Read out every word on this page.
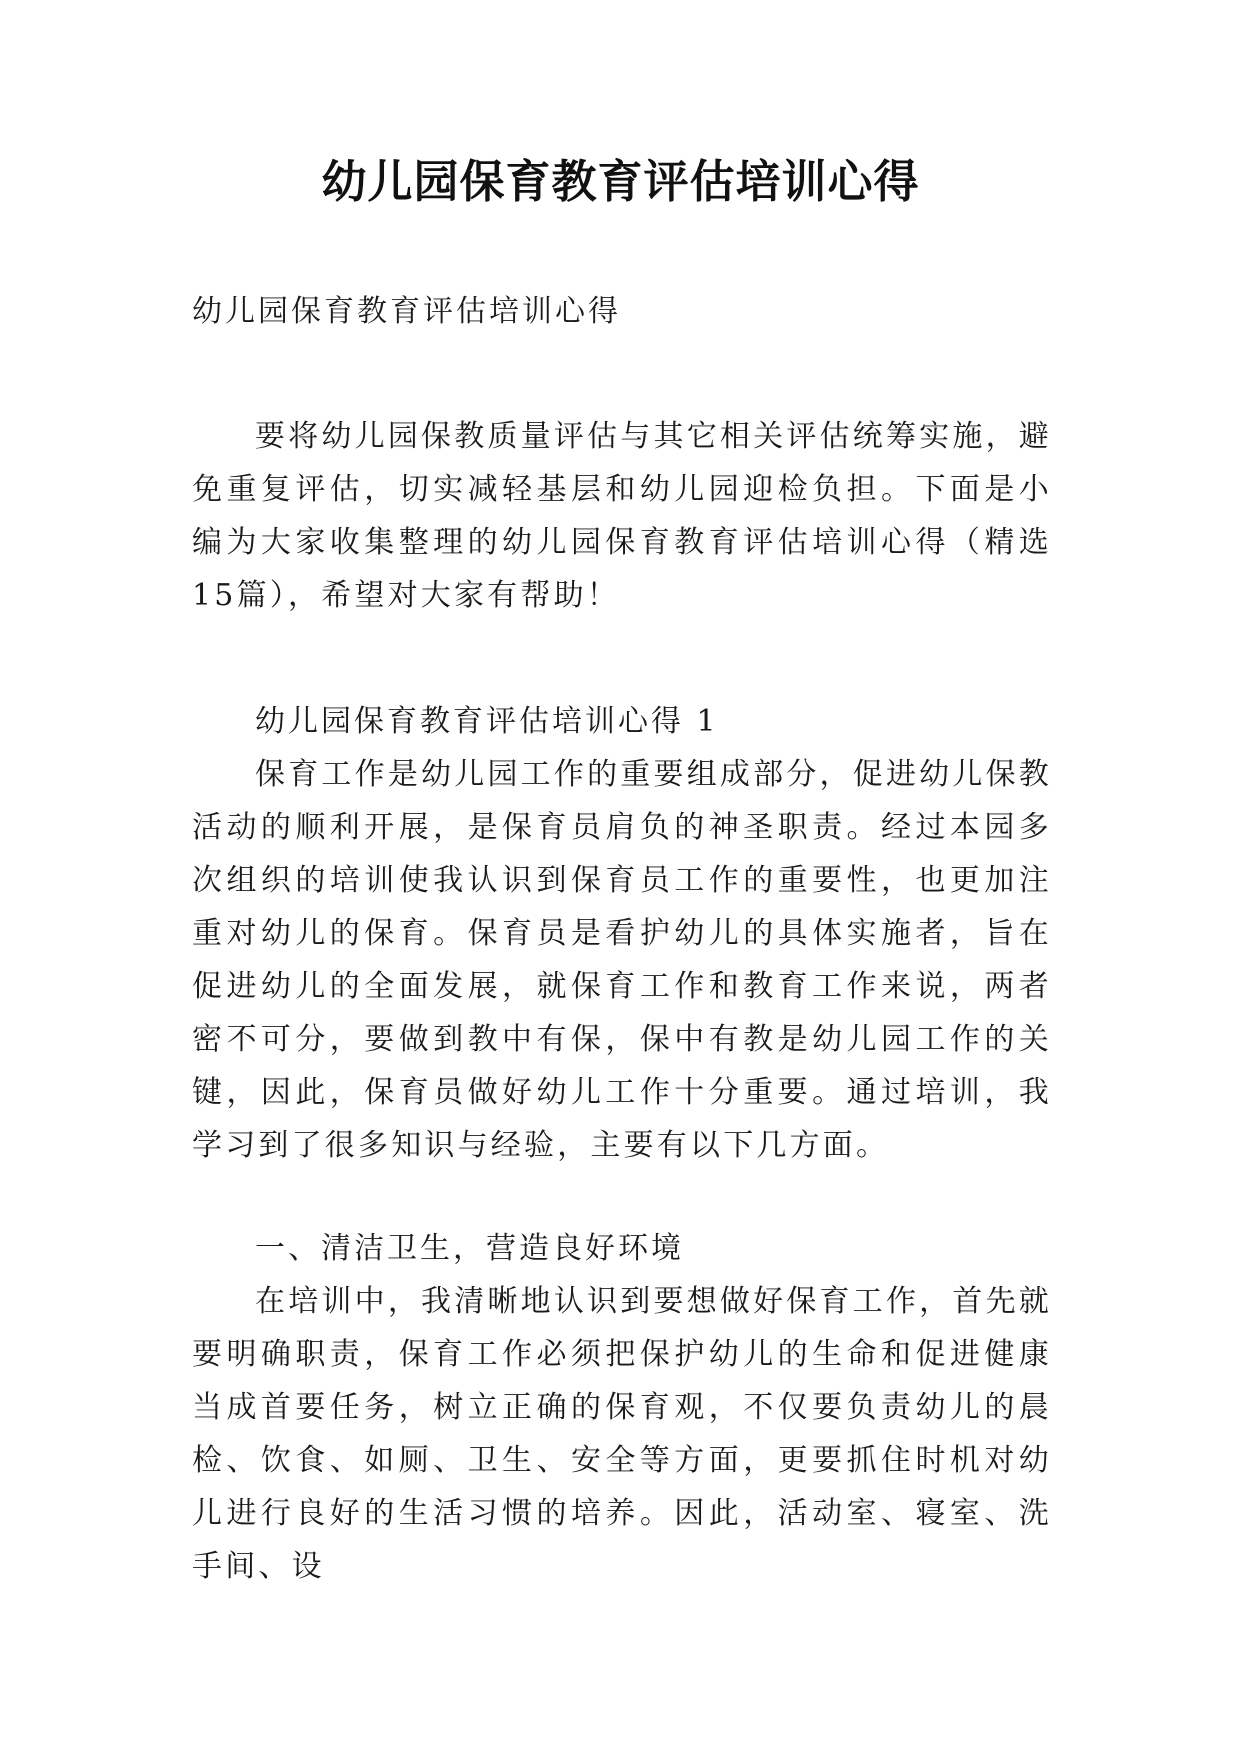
幼儿园保育教育评估培训心得
幼儿园保育教育评估培训心得

要将幼儿园保教质量评估与其它相关评估统筹实施，避免重复评估，切实减轻基层和幼儿园迎检负担。下面是小编为大家收集整理的幼儿园保育教育评估培训心得（精选15篇），希望对大家有帮助！

幼儿园保育教育评估培训心得 1

保育工作是幼儿园工作的重要组成部分，促进幼儿保教活动的顺利开展，是保育员肩负的神圣职责。经过本园多次组织的培训使我认识到保育员工作的重要性，也更加注重对幼儿的保育。保育员是看护幼儿的具体实施者，旨在促进幼儿的全面发展，就保育工作和教育工作来说，两者密不可分，要做到教中有保，保中有教是幼儿园工作的关键，因此，保育员做好幼儿工作十分重要。通过培训，我学习到了很多知识与经验，主要有以下几方面。

一、清洁卫生，营造良好环境

在培训中，我清晰地认识到要想做好保育工作，首先就要明确职责，保育工作必须把保护幼儿的生命和促进健康当成首要任务，树立正确的保育观，不仅要负责幼儿的晨检、饮食、如厕、卫生、安全等方面，更要抓住时机对幼儿进行良好的生活习惯的培养。因此，活动室、寝室、洗手间、设
